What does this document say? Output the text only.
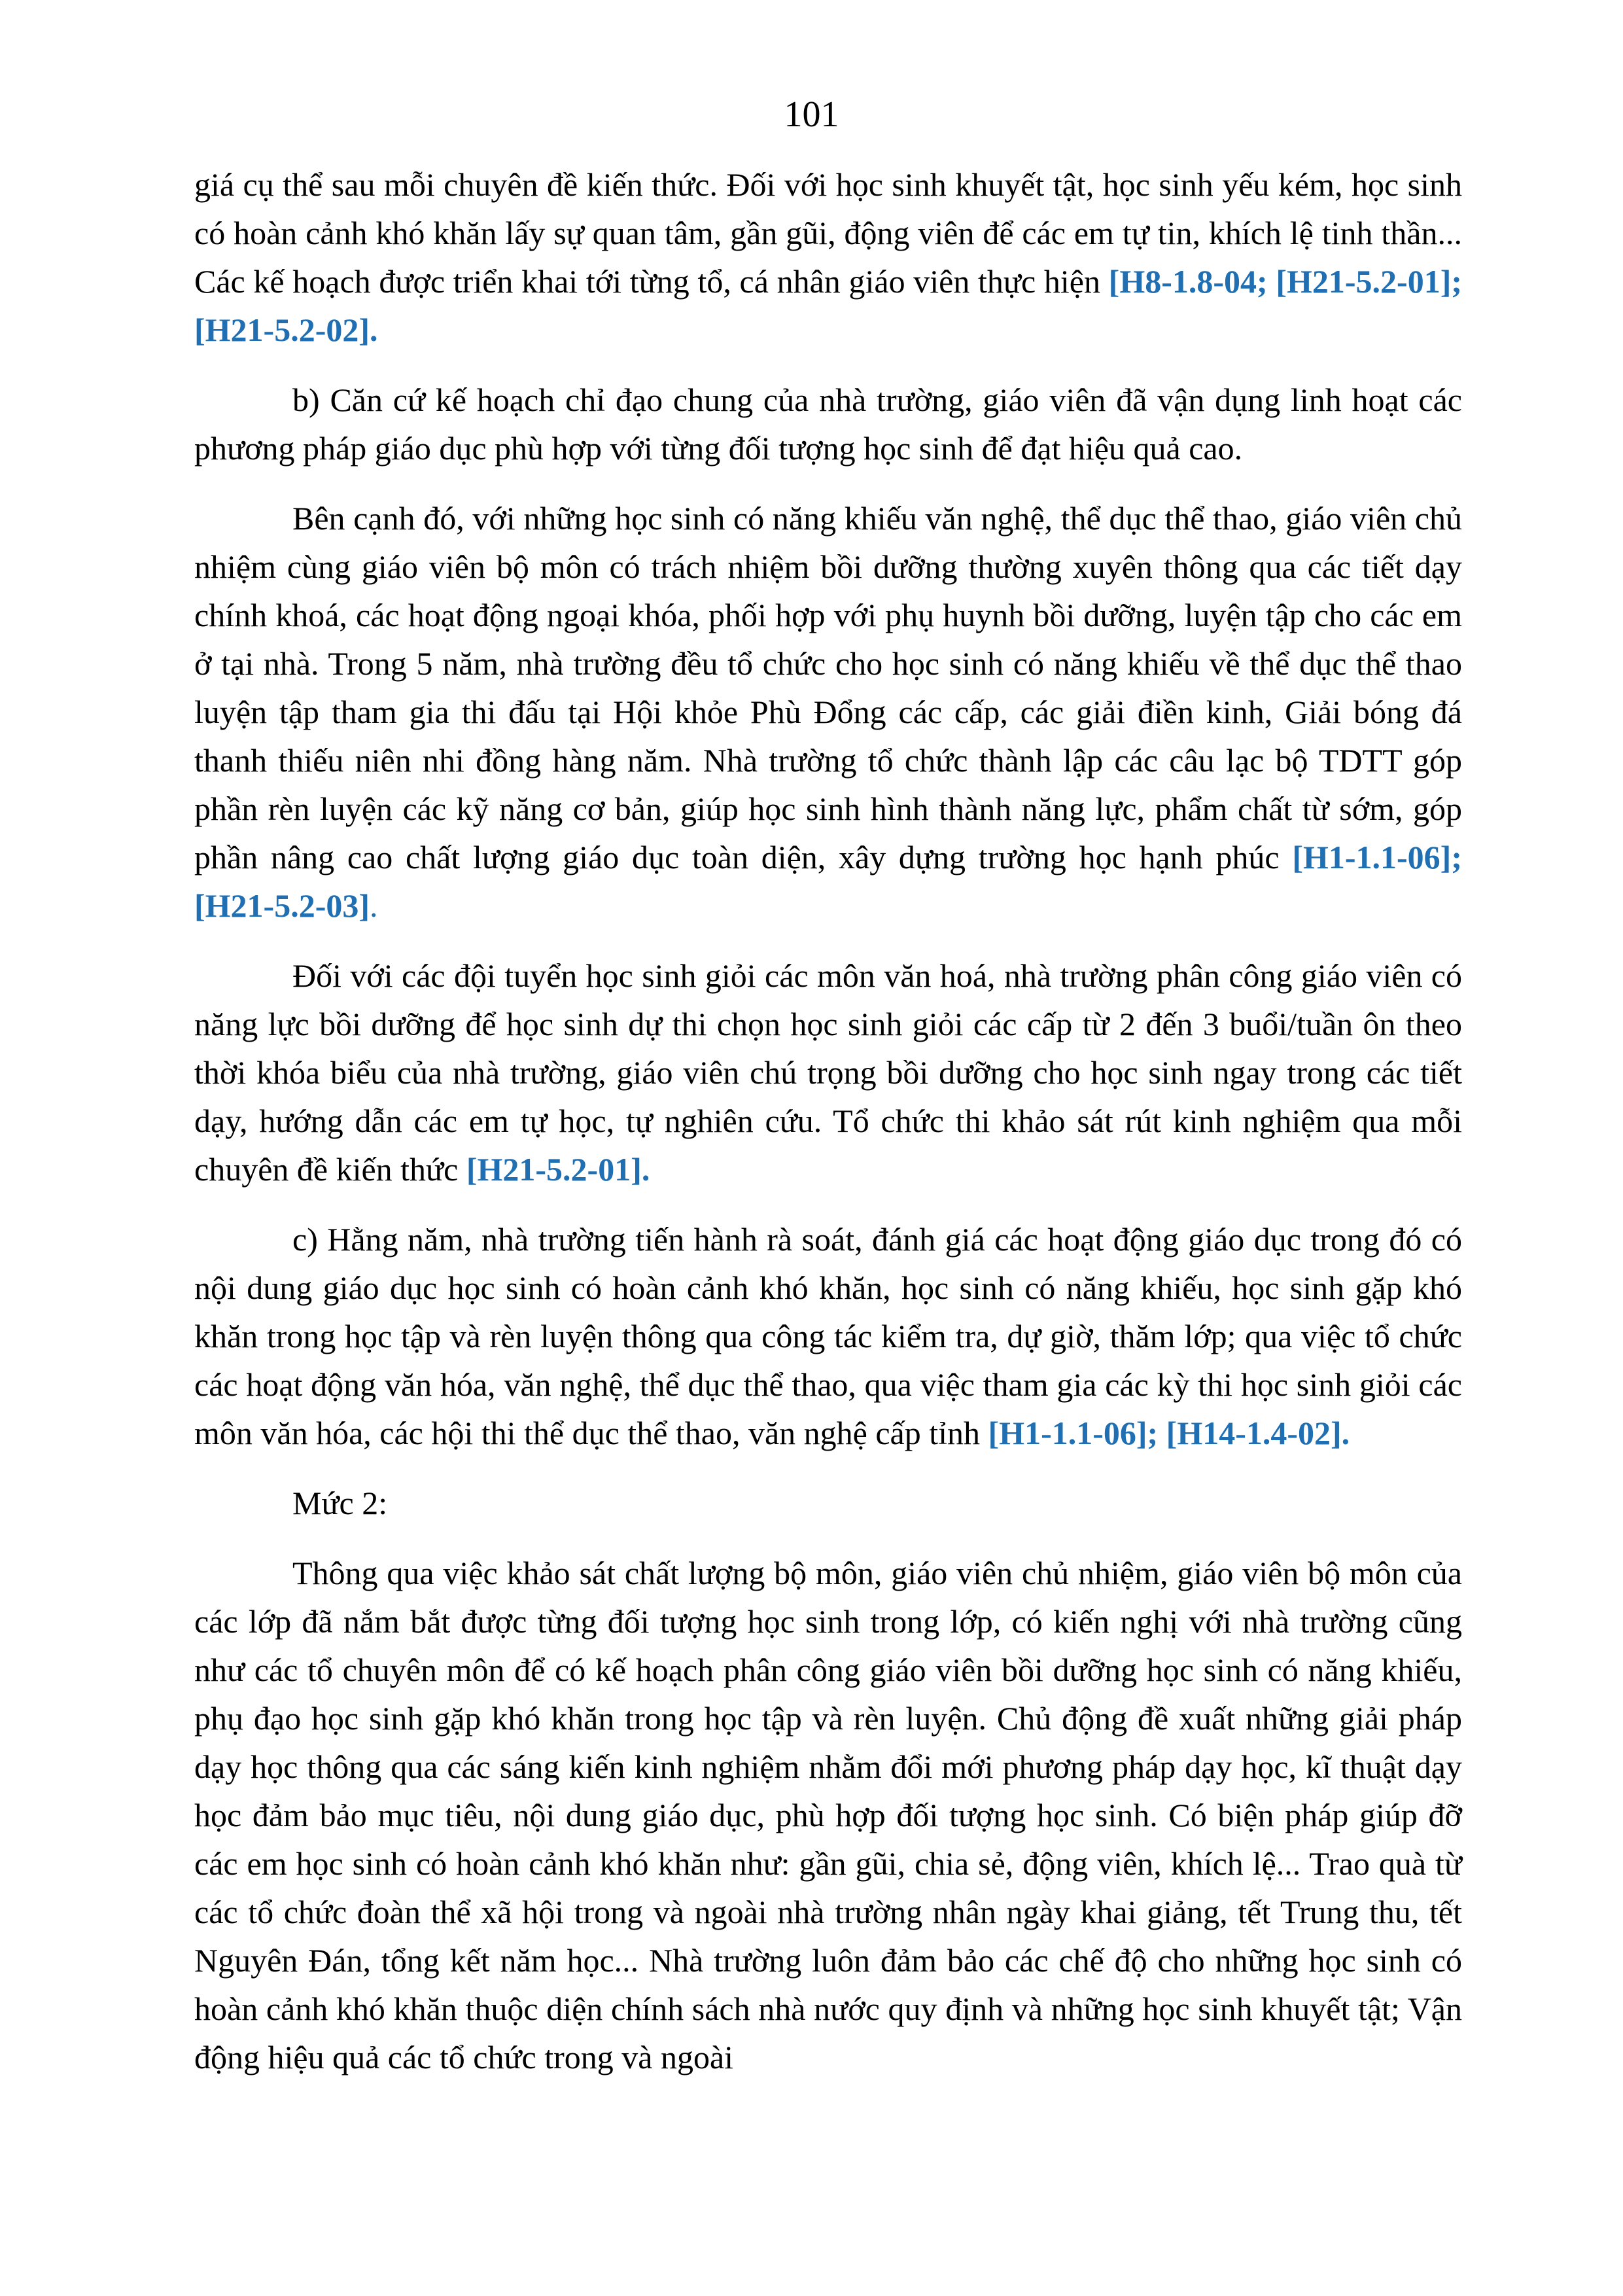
101

giá cụ thể sau mỗi chuyên đề kiến thức. Đối với học sinh khuyết tật, học sinh yếu kém, học sinh có hoàn cảnh khó khăn lấy sự quan tâm, gần gũi, động viên để các em tự tin, khích lệ tinh thần... Các kế hoạch được triển khai tới từng tổ, cá nhân giáo viên thực hiện [H8-1.8-04; [H21-5.2-01]; [H21-5.2-02].

b) Căn cứ kế hoạch chỉ đạo chung của nhà trường, giáo viên đã vận dụng linh hoạt các phương pháp giáo dục phù hợp với từng đối tượng học sinh để đạt hiệu quả cao.

Bên cạnh đó, với những học sinh có năng khiếu văn nghệ, thể dục thể thao, giáo viên chủ nhiệm cùng giáo viên bộ môn có trách nhiệm bồi dưỡng thường xuyên thông qua các tiết dạy chính khoá, các hoạt động ngoại khóa, phối hợp với phụ huynh bồi dưỡng, luyện tập cho các em ở tại nhà. Trong 5 năm, nhà trường đều tổ chức cho học sinh có năng khiếu về thể dục thể thao luyện tập tham gia thi đấu tại Hội khỏe Phù Đổng các cấp, các giải điền kinh, Giải bóng đá thanh thiếu niên nhi đồng hàng năm. Nhà trường tổ chức thành lập các câu lạc bộ TDTT góp phần rèn luyện các kỹ năng cơ bản, giúp học sinh hình thành năng lực, phẩm chất từ sớm, góp phần nâng cao chất lượng giáo dục toàn diện, xây dựng trường học hạnh phúc [H1-1.1-06]; [H21-5.2-03].

Đối với các đội tuyển học sinh giỏi các môn văn hoá, nhà trường phân công giáo viên có năng lực bồi dưỡng để học sinh dự thi chọn học sinh giỏi các cấp từ 2 đến 3 buổi/tuần ôn theo thời khóa biểu của nhà trường, giáo viên chú trọng bồi dưỡng cho học sinh ngay trong các tiết dạy, hướng dẫn các em tự học, tự nghiên cứu. Tổ chức thi khảo sát rút kinh nghiệm qua mỗi chuyên đề kiến thức [H21-5.2-01].

c) Hằng năm, nhà trường tiến hành rà soát, đánh giá các hoạt động giáo dục trong đó có nội dung giáo dục học sinh có hoàn cảnh khó khăn, học sinh có năng khiếu, học sinh gặp khó khăn trong học tập và rèn luyện thông qua công tác kiểm tra, dự giờ, thăm lớp; qua việc tổ chức các hoạt động văn hóa, văn nghệ, thể dục thể thao, qua việc tham gia các kỳ thi học sinh giỏi các môn văn hóa, các hội thi thể dục thể thao, văn nghệ cấp tỉnh [H1-1.1-06]; [H14-1.4-02].

Mức 2:

Thông qua việc khảo sát chất lượng bộ môn, giáo viên chủ nhiệm, giáo viên bộ môn của các lớp đã nắm bắt được từng đối tượng học sinh trong lớp, có kiến nghị với nhà trường cũng như các tổ chuyên môn để có kế hoạch phân công giáo viên bồi dưỡng học sinh có năng khiếu, phụ đạo học sinh gặp khó khăn trong học tập và rèn luyện. Chủ động đề xuất những giải pháp dạy học thông qua các sáng kiến kinh nghiệm nhằm đổi mới phương pháp dạy học, kĩ thuật dạy học đảm bảo mục tiêu, nội dung giáo dục, phù hợp đối tượng học sinh. Có biện pháp giúp đỡ các em học sinh có hoàn cảnh khó khăn như: gần gũi, chia sẻ, động viên, khích lệ... Trao quà từ các tổ chức đoàn thể xã hội trong và ngoài nhà trường nhân ngày khai giảng, tết Trung thu, tết Nguyên Đán, tổng kết năm học... Nhà trường luôn đảm bảo các chế độ cho những học sinh có hoàn cảnh khó khăn thuộc diện chính sách nhà nước quy định và những học sinh khuyết tật; Vận động hiệu quả các tổ chức trong và ngoài
